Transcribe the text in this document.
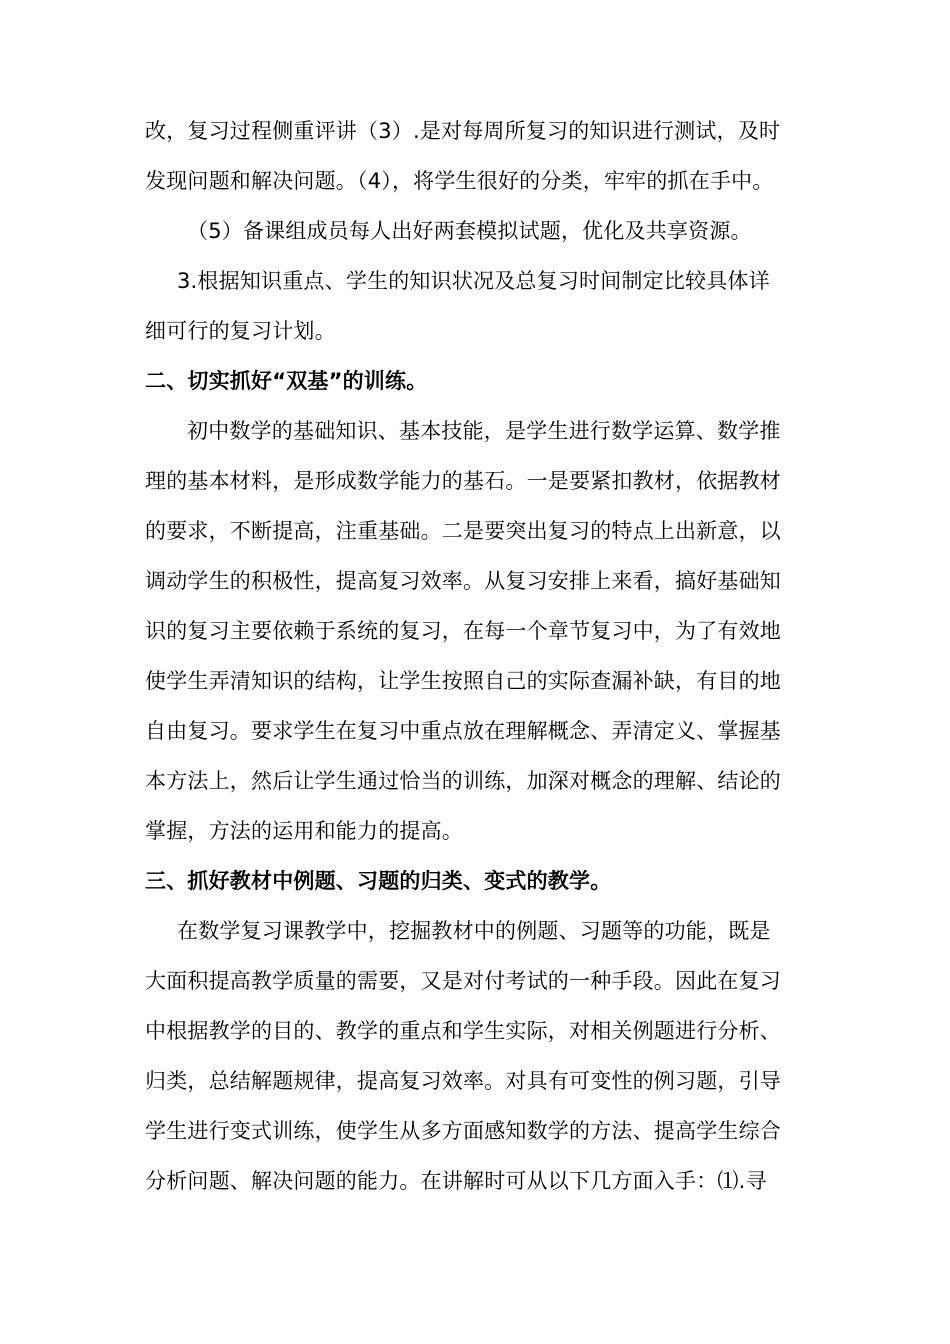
改，复习过程侧重评讲（3）.是对每周所复习的知识进行测试，及时
发现问题和解决问题。（4），将学生很好的分类，牢牢的抓在手中。
（5）备课组成员每人出好两套模拟试题，优化及共享资源。
3.根据知识重点、学生的知识状况及总复习时间制定比较具体详
细可行的复习计划。
二、切实抓好“双基”的训练。
初中数学的基础知识、基本技能，是学生进行数学运算、数学推
理的基本材料，是形成数学能力的基石。一是要紧扣教材，依据教材
的要求，不断提高，注重基础。二是要突出复习的特点上出新意，以
调动学生的积极性，提高复习效率。从复习安排上来看，搞好基础知
识的复习主要依赖于系统的复习，在每一个章节复习中，为了有效地
使学生弄清知识的结构，让学生按照自己的实际查漏补缺，有目的地
自由复习。要求学生在复习中重点放在理解概念、弄清定义、掌握基
本方法上，然后让学生通过恰当的训练，加深对概念的理解、结论的
掌握，方法的运用和能力的提高。
三、抓好教材中例题、习题的归类、变式的教学。
在数学复习课教学中，挖掘教材中的例题、习题等的功能，既是
大面积提高教学质量的需要，又是对付考试的一种手段。因此在复习
中根据教学的目的、教学的重点和学生实际，对相关例题进行分析、
归类，总结解题规律，提高复习效率。对具有可变性的例习题，引导
学生进行变式训练，使学生从多方面感知数学的方法、提高学生综合
分析问题、解决问题的能力。在讲解时可从以下几方面入手：⑴.寻
